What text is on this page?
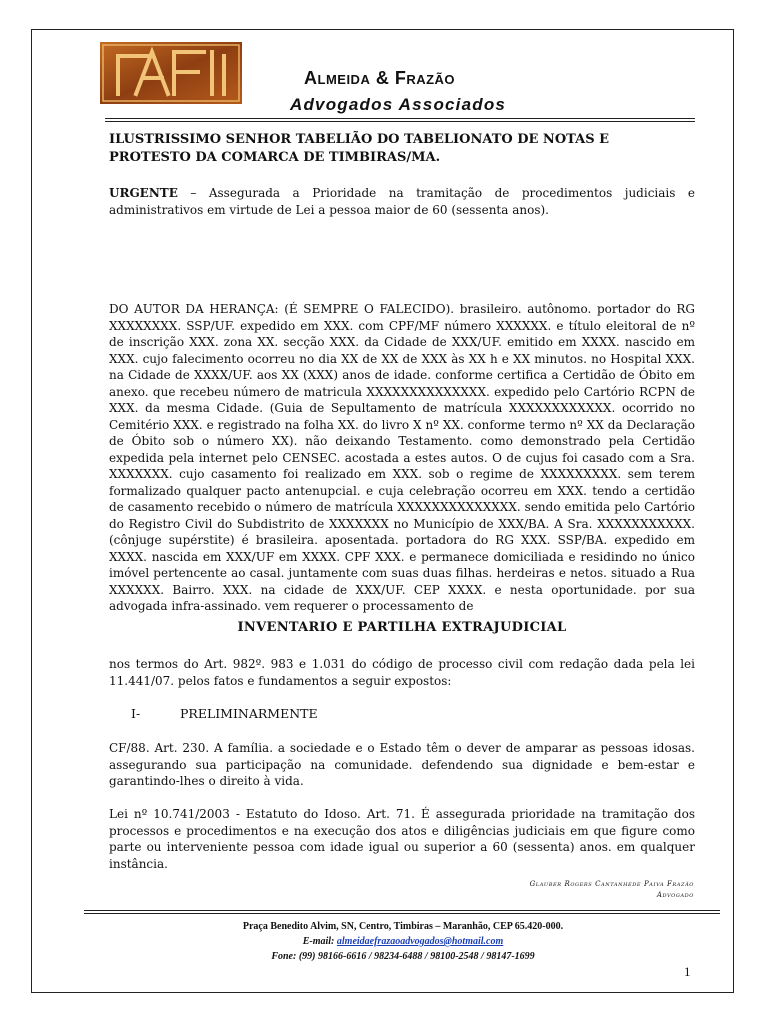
Almeida & Frazão
Advogados Associados
ILUSTRISSIMO SENHOR TABELIÃO DO TABELIONATO DE NOTAS E PROTESTO DA COMARCA DE TIMBIRAS/MA.
URGENTE – Assegurada a Prioridade na tramitação de procedimentos judiciais e administrativos em virtude de Lei a pessoa maior de 60 (sessenta anos).
DO AUTOR DA HERANÇA: (É SEMPRE O FALECIDO). brasileiro. autônomo. portador do RG XXXXXXXX. SSP/UF. expedido em XXX. com CPF/MF número XXXXXX. e título eleitoral de nº de inscrição XXX. zona XX. secção XXX. da Cidade de XXX/UF. emitido em XXXX. nascido em XXX. cujo falecimento ocorreu no dia XX de XX de XXX às XX h e XX minutos. no Hospital XXX. na Cidade de XXXX/UF. aos XX (XXX) anos de idade. conforme certifica a Certidão de Óbito em anexo. que recebeu número de matricula XXXXXXXXXXXXXX. expedido pelo Cartório RCPN de XXX. da mesma Cidade. (Guia de Sepultamento de matrícula XXXXXXXXXXXX. ocorrido no Cemitério XXX. e registrado na folha XX. do livro X nº XX. conforme termo nº XX da Declaração de Óbito sob o número XX). não deixando Testamento. como demonstrado pela Certidão expedida pela internet pelo CENSEC. acostada a estes autos. O de cujus foi casado com a Sra. XXXXXXX. cujo casamento foi realizado em XXX. sob o regime de XXXXXXXXX. sem terem formalizado qualquer pacto antenupcial. e cuja celebração ocorreu em XXX. tendo a certidão de casamento recebido o número de matrícula XXXXXXXXXXXXXX. sendo emitida pelo Cartório do Registro Civil do Subdistrito de XXXXXXX no Município de XXX/BA. A Sra. XXXXXXXXXXX. (cônjuge supérstite) é brasileira. aposentada. portadora do RG XXX. SSP/BA. expedido em XXXX. nascida em XXX/UF em XXXX. CPF XXX. e permanece domiciliada e residindo no único imóvel pertencente ao casal. juntamente com suas duas filhas. herdeiras e netos. situado a Rua XXXXXX. Bairro. XXX. na cidade de XXX/UF. CEP XXXX. e nesta oportunidade. por sua advogada infra-assinado. vem requerer o processamento de
INVENTARIO E PARTILHA EXTRAJUDICIAL
nos termos do Art. 982º. 983 e 1.031 do código de processo civil com redação dada pela lei 11.441/07. pelos fatos e fundamentos a seguir expostos:
I-	PRELIMINARMENTE
CF/88. Art. 230. A família. a sociedade e o Estado têm o dever de amparar as pessoas idosas. assegurando sua participação na comunidade. defendendo sua dignidade e bem-estar e garantindo-lhes o direito à vida.
Lei nº 10.741/2003 - Estatuto do Idoso. Art. 71. É assegurada prioridade na tramitação dos processos e procedimentos e na execução dos atos e diligências judiciais em que figure como parte ou interveniente pessoa com idade igual ou superior a 60 (sessenta) anos. em qualquer instância.
Glauber Rogers Cantanhede Paiva Frazão
Advogado
Praça Benedito Alvim, SN, Centro, Timbiras – Maranhão, CEP 65.420-000.
E-mail: almeidaefrazaoadvogados@hotmail.com
Fone: (99) 98166-6616 / 98234-6488 / 98100-2548 / 98147-1699
1
